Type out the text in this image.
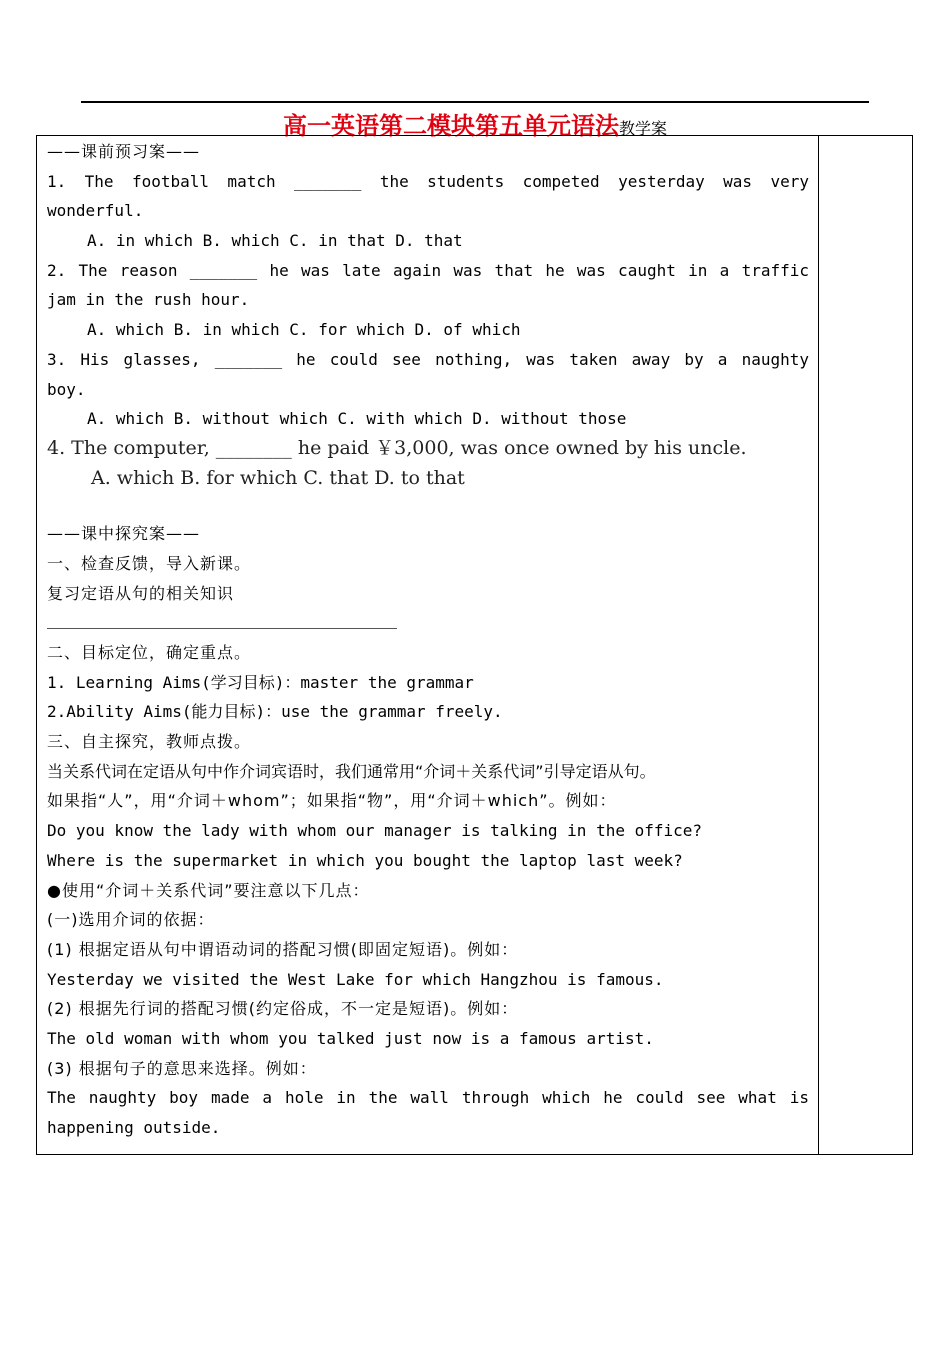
高一英语第二模块第五单元语法教学案
——课前预习案——
1. The football match _______ the students competed yesterday was very
wonderful.
A. in which B. which C. in that D. that
2. The reason _______ he was late again was that he was caught in a traffic
jam in the rush hour.
A. which B. in which C. for which D. of which
3. His glasses, _______ he could see nothing, was taken away by a naughty
boy.
A. which B. without which C. with which D. without those
4. The computer, ________ he paid ￥3,000, was once owned by his uncle.
A. which B. for which C. that D. to that
——课中探究案——
一、检查反馈，导入新课。
复习定语从句的相关知识
二、目标定位，确定重点。
1. Learning Aims(学习目标)：master the grammar
2.Ability Aims(能力目标)：use the grammar freely.
三、自主探究，教师点拨。
当关系代词在定语从句中作介词宾语时，我们通常用“介词＋关系代词”引导定语从句。
如果指“人”，用“介词＋whom”；如果指“物”，用“介词＋which”。例如：
Do you know the lady with whom our manager is talking in the office?
Where is the supermarket in which you bought the laptop last week?
●使用“介词＋关系代词”要注意以下几点：
(一)选用介词的依据：
(1) 根据定语从句中谓语动词的搭配习惯(即固定短语)。例如：
Yesterday we visited the West Lake for which Hangzhou is famous.
(2) 根据先行词的搭配习惯(约定俗成，不一定是短语)。例如：
The old woman with whom you talked just now is a famous artist.
(3) 根据句子的意思来选择。例如：
The naughty boy made a hole in the wall through which he could see what is
happening outside.
